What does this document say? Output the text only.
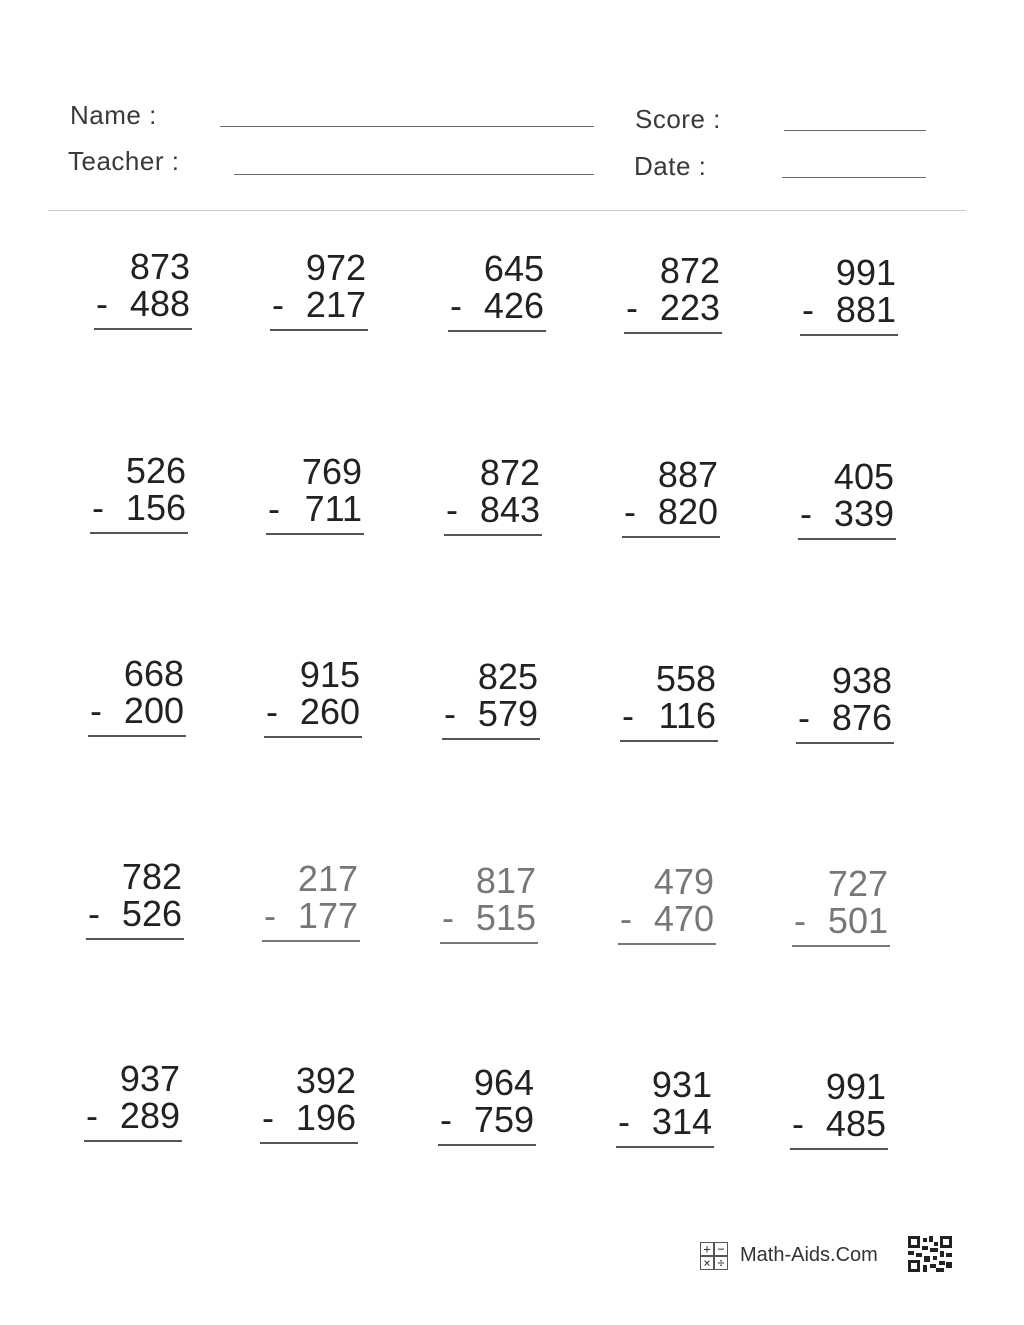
Name :
Teacher :
Score :
Date :
873
- 488
972
- 217
645
- 426
872
- 223
991
- 881
526
- 156
769
- 711
872
- 843
887
- 820
405
- 339
668
- 200
915
- 260
825
- 579
558
- 116
938
- 876
782
- 526
217
- 177
817
- 515
479
- 470
727
- 501
937
- 289
392
- 196
964
- 759
931
- 314
991
- 485
+ −
× ÷ Math-Aids.Com
